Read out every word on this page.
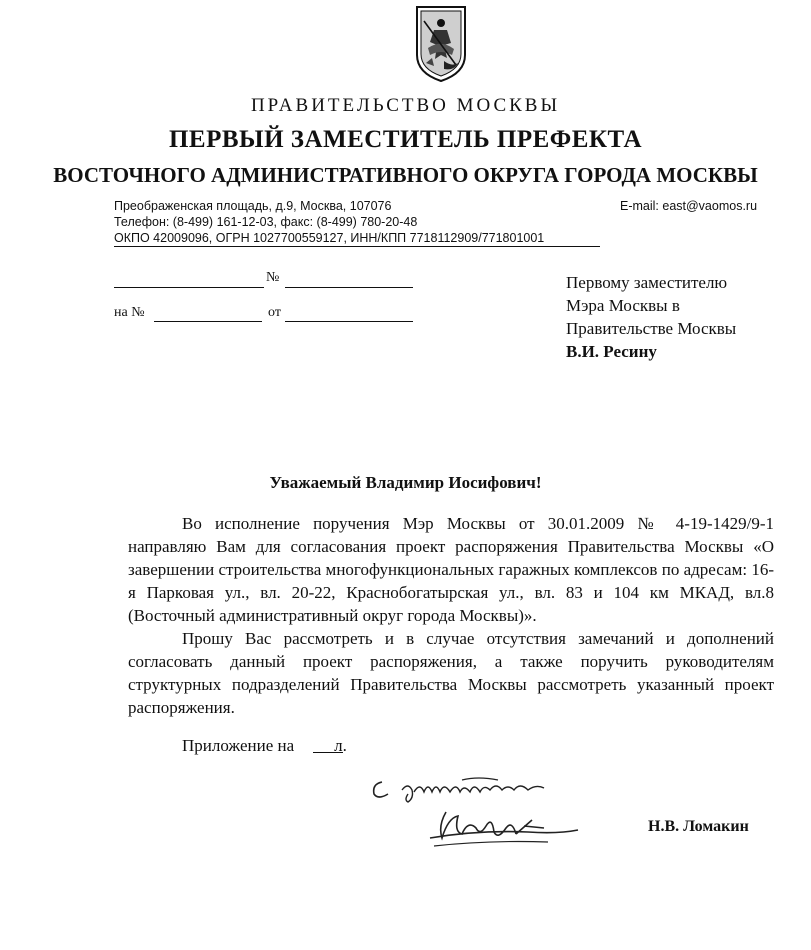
ПРАВИТЕЛЬСТВО МОСКВЫ
ПЕРВЫЙ ЗАМЕСТИТЕЛЬ ПРЕФЕКТА
ВОСТОЧНОГО АДМИНИСТРАТИВНОГО ОКРУГА ГОРОДА МОСКВЫ
Преображенская площадь, д.9, Москва, 107076	E-mail: east@vaomos.ru
Телефон: (8-499) 161-12-03, факс: (8-499) 780-20-48
ОКПО 42009096, ОГРН 1027700559127, ИНН/КПП 7718112909/771801001
№
на №	от
Первому заместителю
Мэра Москвы в
Правительстве Москвы
В.И. Ресину
Уважаемый Владимир Иосифович!

Во исполнение поручения Мэр Москвы от 30.01.2009 № 4-19-1429/9-1 направляю Вам для согласования проект распоряжения Правительства Москвы «О завершении строительства многофункциональных гаражных комплексов по адресам: 16-я Парковая ул., вл. 20-22, Краснобогатырская ул., вл. 83 и 104 км МКАД, вл.8 (Восточный административный округ города Москвы)».

Прошу Вас рассмотреть и в случае отсутствия замечаний и дополнений согласовать данный проект распоряжения, а также поручить руководителям структурных подразделений Правительства Москвы рассмотреть указанный проект распоряжения.

Приложение на л.
Н.В. Ломакин
